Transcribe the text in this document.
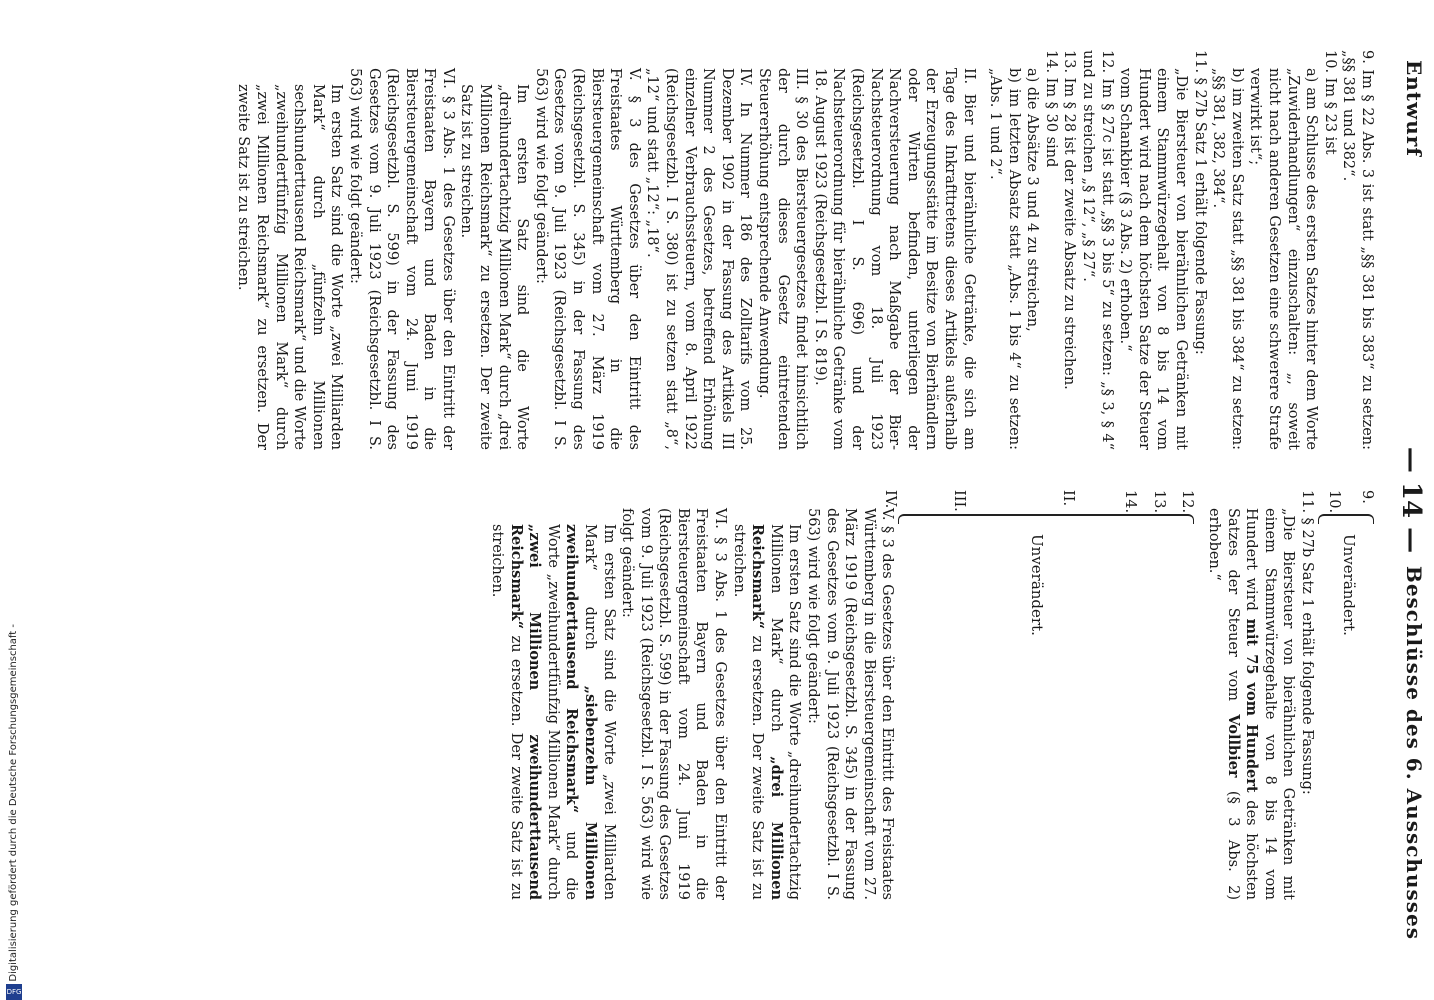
Digitalisierung gefördert durch die Deutsche Forschungsgemeinschaft -
DFG
Entwurf
— 14 —
Beschlüsse des 6. Ausschusses

9. Im § 22 Abs. 3 ist statt „§§ 381 bis 383“ zu setzen: „§§ 381 und 382“.

10. Im § 23 ist

a) am Schlusse des ersten Satzes hinter dem Worte „Zuwiderhandlungen“ einzuschalten: „, soweit nicht nach anderen Gesetzen eine schwerere Strafe verwirkt ist“;

b) im zweiten Satz statt „§§ 381 bis 384“ zu setzen: „§§ 381, 382, 384“.

11. § 27b Satz 1 erhält folgende Fassung:

„Die Biersteuer von bierähnlichen Getränken mit einem Stammwürzegehalt von 8 bis 14 vom Hundert wird nach dem höchsten Satze der Steuer vom Schankbier (§ 3 Abs. 2) erhoben.“

12. Im § 27c ist statt „§§ 3 bis 5“ zu setzen: „§ 3, § 4“ und zu streichen „§ 12“, „§ 27“.

13. Im § 28 ist der zweite Absatz zu streichen.

14. Im § 30 sind

a) die Absätze 3 und 4 zu streichen,

b) im letzten Absatz statt „Abs. 1 bis 4“ zu setzen: „Abs. 1 und 2“.

II. Bier und bierähnliche Getränke, die sich am Tage des Inkrafttretens dieses Artikels außerhalb der Erzeugungsstätte im Besitze von Bierhändlern oder Wirten befinden, unterliegen der Nachversteuerung nach Maßgabe der Bier-Nachsteuerordnung vom 18. Juli 1923 (Reichsgesetzbl. I S. 696) und der Nachsteuerordnung für bierähnliche Getränke vom 18. August 1923 (Reichsgesetzbl. I S. 819).

III. § 30 des Biersteuergesetzes findet hinsichtlich der durch dieses Gesetz eintretenden Steuererhöhung entsprechende Anwendung.

IV. In Nummer 186 des Zolltarifs vom 25. Dezember 1902 in der Fassung des Artikels III Nummer 2 des Gesetzes, betreffend Erhöhung einzelner Verbrauchssteuern, vom 8. April 1922 (Reichsgesetzbl. I S. 380) ist zu setzen statt „8“, „12“ und statt „12“: „18“.

V. § 3 des Gesetzes über den Eintritt des Freistaates Württemberg in die Biersteuergemeinschaft vom 27. März 1919 (Reichsgesetzbl. S. 345) in der Fassung des Gesetzes vom 9. Juli 1923 (Reichsgesetzbl. I S. 563) wird wie folgt geändert:

Im ersten Satz sind die Worte „dreihundertachtzig Millionen Mark“ durch „drei Millionen Reichsmark“ zu ersetzen. Der zweite Satz ist zu streichen.

VI. § 3 Abs. 1 des Gesetzes über den Eintritt der Freistaaten Bayern und Baden in die Biersteuergemeinschaft vom 24. Juni 1919 (Reichsgesetzbl. S. 599) in der Fassung des Gesetzes vom 9. Juli 1923 (Reichsgesetzbl. I S. 563) wird wie folgt geändert:

Im ersten Satz sind die Worte „zwei Milliarden Mark“ durch „fünfzehn Millionen sechshunderttausend Reichsmark“ und die Worte „zweihundertfünfzig Millionen Mark“ durch „zwei Millionen Reichsmark“ zu ersetzen. Der zweite Satz ist zu streichen.

9.
10.
Unverändert.

11. § 27b Satz 1 erhält folgende Fassung:

„Die Biersteuer von bierähnlichen Getränken mit einem Stammwürzegehalte von 8 bis 14 vom Hundert wird mit 75 vom Hundert des höchsten Satzes der Steuer vom Vollbier (§ 3 Abs. 2) erhoben.“

12.
13.
14.
II.
III.
IV.
Unverändert.

V. § 3 des Gesetzes über den Eintritt des Freistaates Württemberg in die Biersteuergemeinschaft vom 27. März 1919 (Reichsgesetzbl. S. 345) in der Fassung des Gesetzes vom 9. Juli 1923 (Reichsgesetzbl. I S. 563) wird wie folgt geändert:

Im ersten Satz sind die Worte „dreihundertachtzig Millionen Mark“ durch „drei Millionen Reichsmark“ zu ersetzen. Der zweite Satz ist zu streichen.

VI. § 3 Abs. 1 des Gesetzes über den Eintritt der Freistaaten Bayern und Baden in die Biersteuergemeinschaft vom 24. Juni 1919 (Reichsgesetzbl. S. 599) in der Fassung des Gesetzes vom 9. Juli 1923 (Reichsgesetzbl. I S. 563) wird wie folgt geändert:

Im ersten Satz sind die Worte „zwei Milliarden Mark“ durch „siebenzehn Millionen zweihunderttausend Reichsmark“ und die Worte „zweihundertfünfzig Millionen Mark“ durch „zwei Millionen zweihunderttausend Reichsmark“ zu ersetzen. Der zweite Satz ist zu streichen.
